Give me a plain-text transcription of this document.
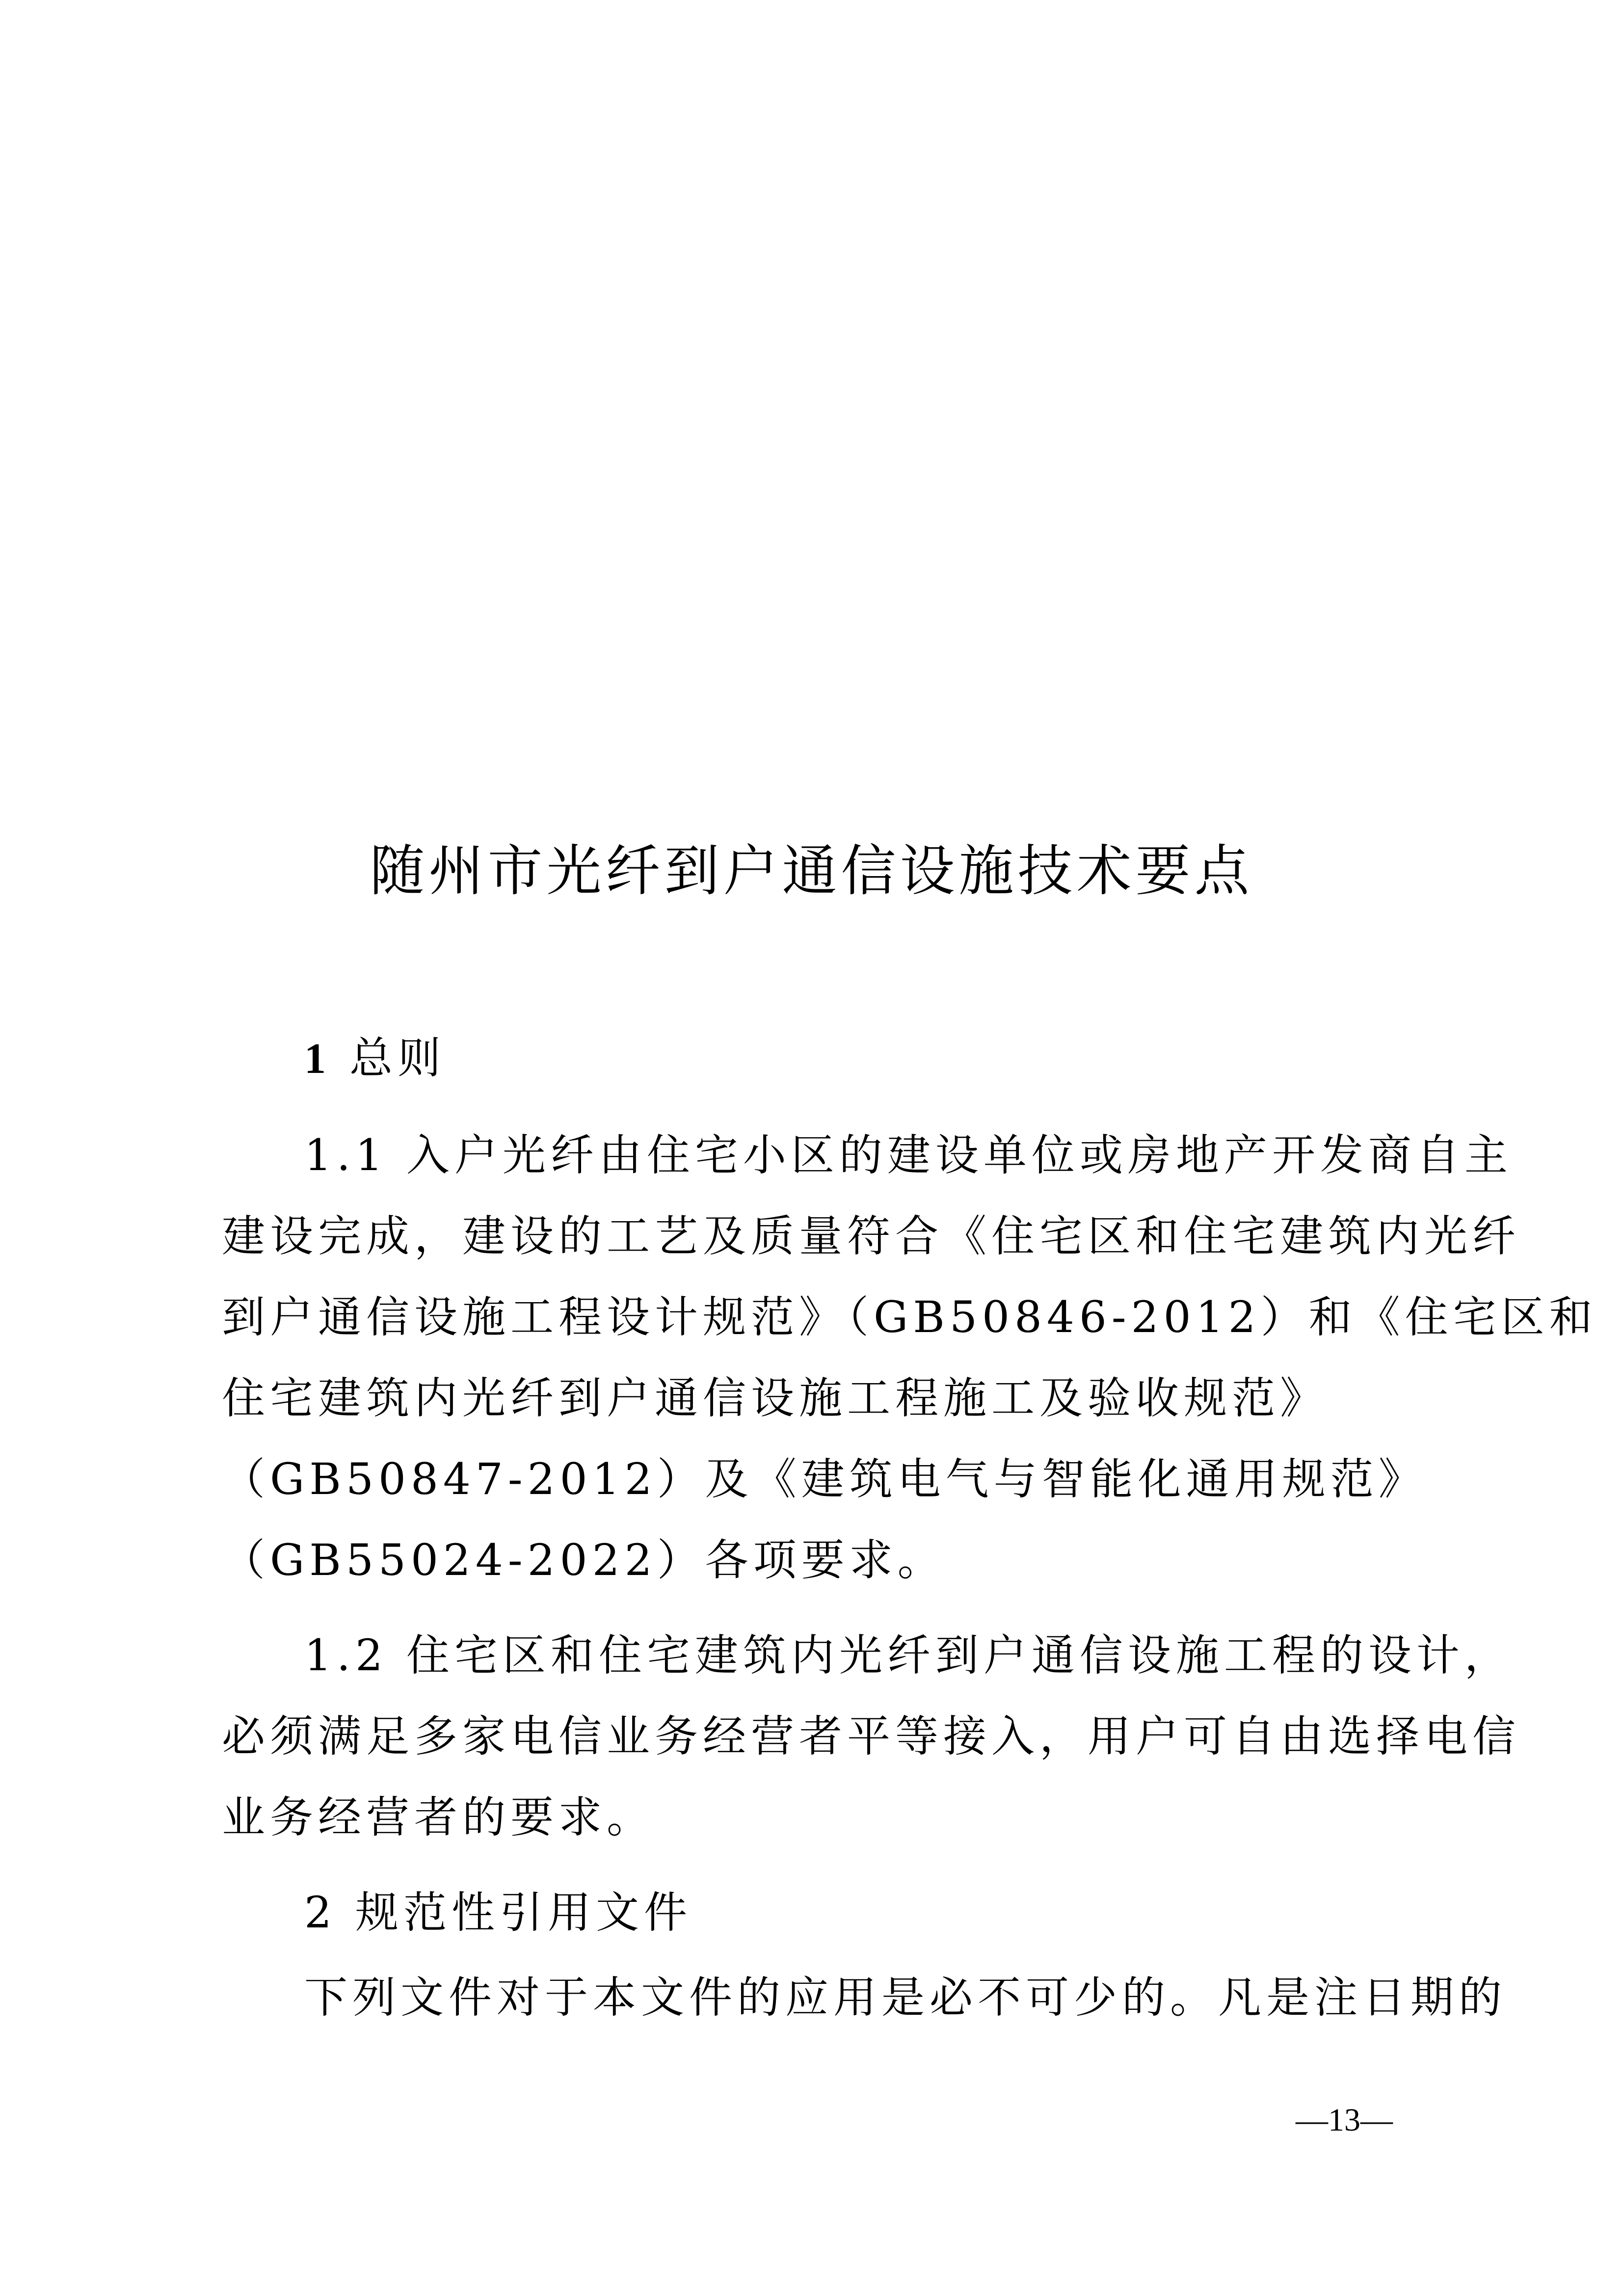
随州市光纤到户通信设施技术要点
1 总则
1.1 入户光纤由住宅小区的建设单位或房地产开发商自主
建设完成，建设的工艺及质量符合《住宅区和住宅建筑内光纤
到户通信设施工程设计规范》（GB50846-2012）和《住宅区和
住宅建筑内光纤到户通信设施工程施工及验收规范》
（GB50847-2012）及《建筑电气与智能化通用规范》
（GB55024-2022）各项要求。
1.2 住宅区和住宅建筑内光纤到户通信设施工程的设计，
必须满足多家电信业务经营者平等接入，用户可自由选择电信
业务经营者的要求。
2 规范性引用文件
下列文件对于本文件的应用是必不可少的。凡是注日期的
—13—
